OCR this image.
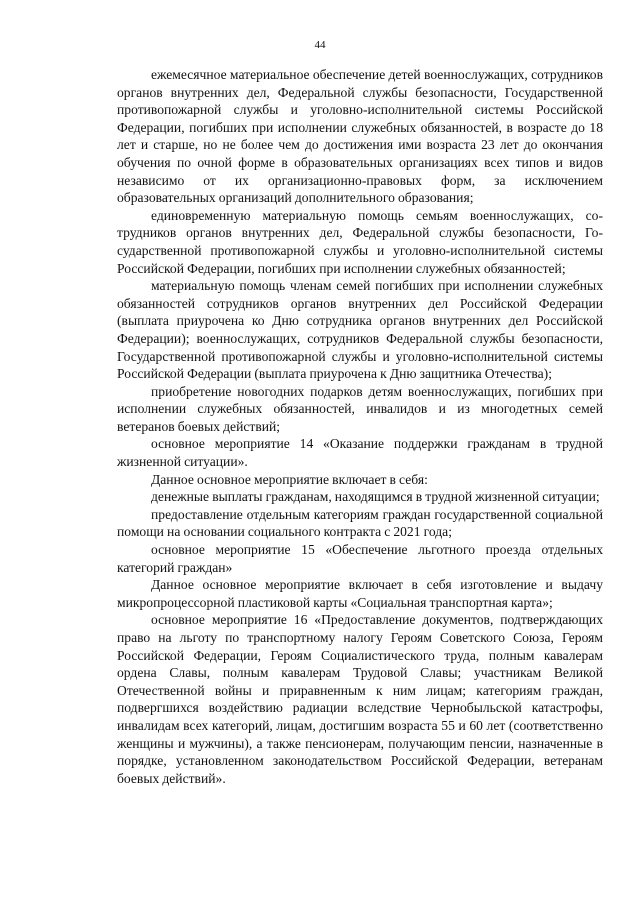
44

ежемесячное материальное обеспечение детей военнослужащих, сотрудников органов внутренних дел, Федеральной службы безопасности, Государственной противопожарной службы и уголовно-исполнительной системы Российской Федерации, погибших при исполнении служебных обязанностей, в возрасте до 18 лет и старше, но не более чем до достижения ими возраста 23 лет до окончания обучения по очной форме в образовательных организациях всех типов и видов независимо от их организационно-правовых форм, за исключением образовательных организаций дополнительного образования;

единовременную материальную помощь семьям военнослужащих, сотрудников органов внутренних дел, Федеральной службы безопасности, Государственной противопожарной службы и уголовно-исполнительной системы Российской Федерации, погибших при исполнении служебных обязанностей;

материальную помощь членам семей погибших при исполнении служебных обязанностей сотрудников органов внутренних дел Российской Федерации (выплата приурочена ко Дню сотрудника органов внутренних дел Российской Федерации); военнослужащих, сотрудников Федеральной службы безопасности, Государственной противопожарной службы и уголовно-исполнительной системы Российской Федерации (выплата приурочена к Дню защитника Отечества);

приобретение новогодних подарков детям военнослужащих, погибших при исполнении служебных обязанностей, инвалидов и из многодетных семей ветеранов боевых действий;

основное мероприятие 14 «Оказание поддержки гражданам в трудной жизненной ситуации».

Данное основное мероприятие включает в себя:

денежные выплаты гражданам, находящимся в трудной жизненной ситуации;

предоставление отдельным категориям граждан государственной социальной помощи на основании социального контракта с 2021 года;

основное мероприятие 15 «Обеспечение льготного проезда отдельных категорий граждан»

Данное основное мероприятие включает в себя изготовление и выдачу микропроцессорной пластиковой карты «Социальная транспортная карта»;

основное мероприятие 16 «Предоставление документов, подтверждающих право на льготу по транспортному налогу Героям Советского Союза, Героям Российской Федерации, Героям Социалистического труда, полным кавалерам ордена Славы, полным кавалерам Трудовой Славы; участникам Великой Отечественной войны и приравненным к ним лицам; категориям граждан, подвергшихся воздействию радиации вследствие Чернобыльской катастрофы, инвалидам всех категорий, лицам, достигшим возраста 55 и 60 лет (соответственно женщины и мужчины), а также пенсионерам, получающим пенсии, назначенные в порядке, установленном законодательством Российской Федерации, ветеранам боевых действий».
